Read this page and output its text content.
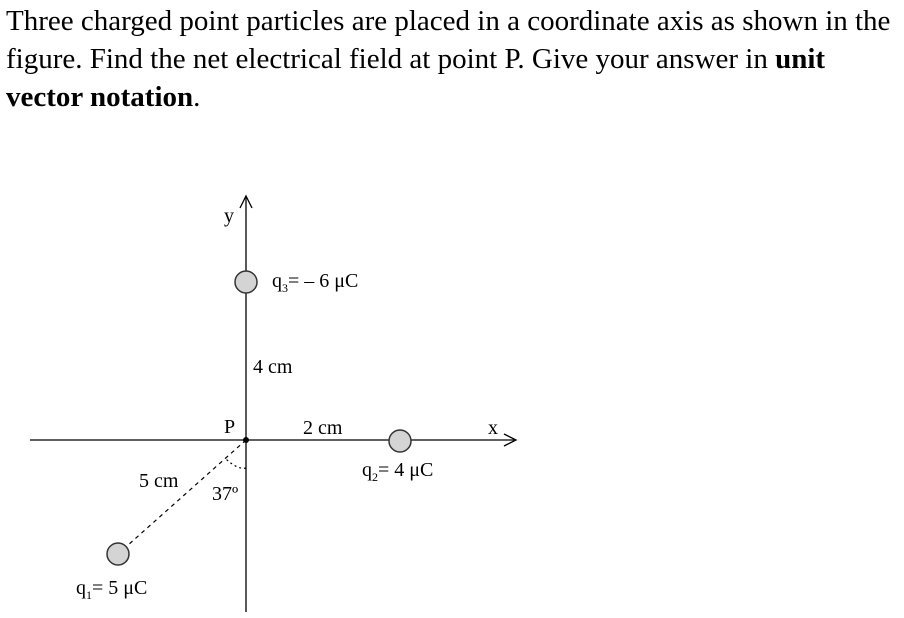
Three charged point particles are placed in a coordinate axis as shown in the figure. Find the net electrical field at point P. Give your answer in unit vector notation.
y
x
P
$q_3= - 6$ μC
$q_2= 4$ μC
$q_1= 5$ μC
4 cm
2 cm
5 cm
37º
